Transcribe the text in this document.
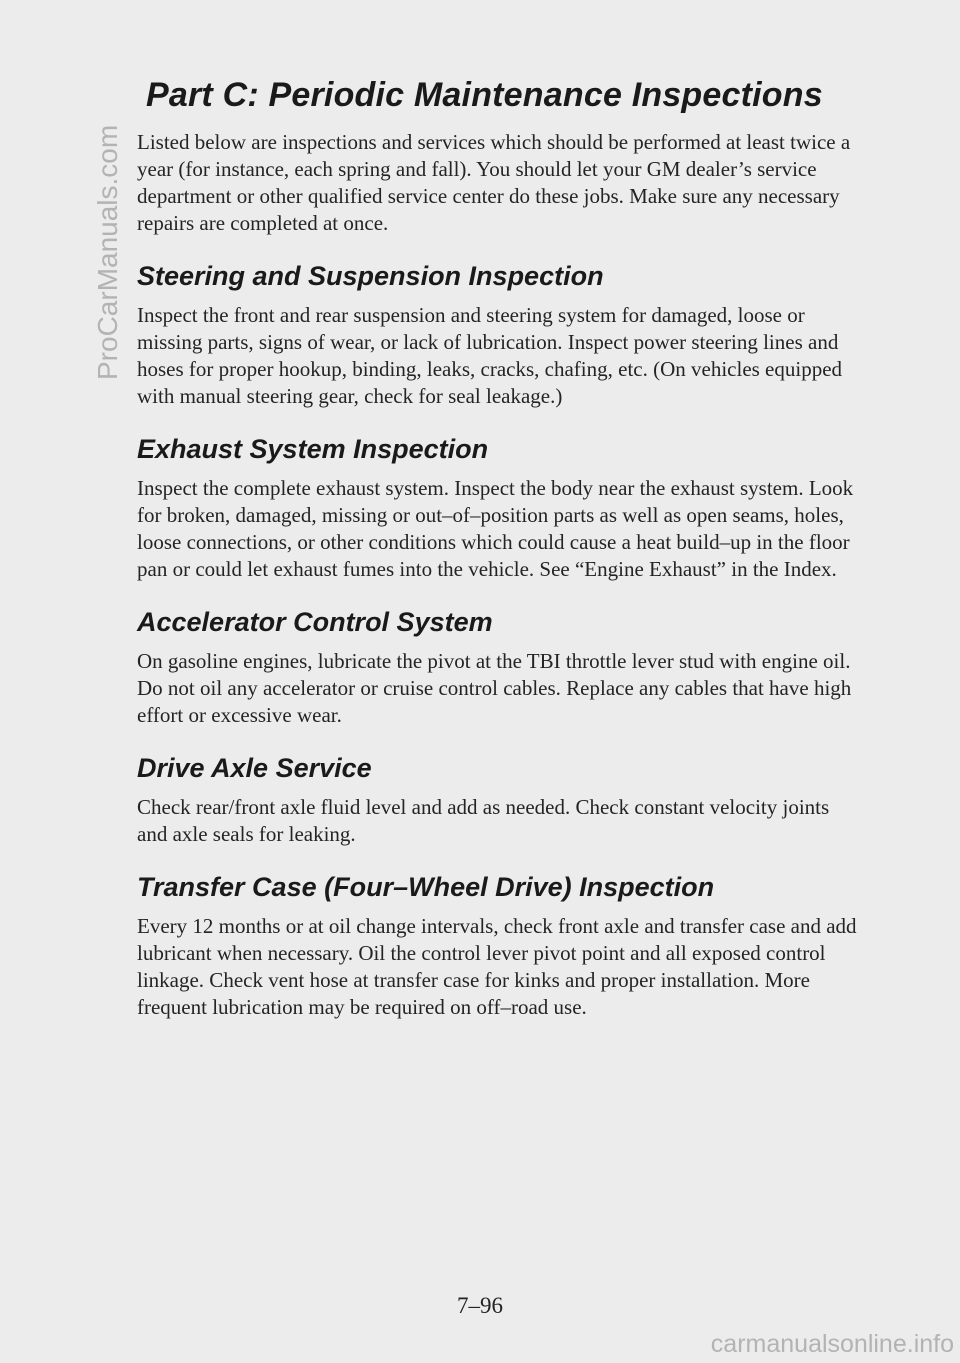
ProCarManuals.com
Part C: Periodic Maintenance Inspections

Listed below are inspections and services which should be performed at least twice a year (for instance, each spring and fall). You should let your GM dealer’s service department or other qualified service center do these jobs. Make sure any necessary repairs are completed at once.

Steering and Suspension Inspection

Inspect the front and rear suspension and steering system for damaged, loose or missing parts, signs of wear, or lack of lubrication. Inspect power steering lines and hoses for proper hookup, binding, leaks, cracks, chafing, etc. (On vehicles equipped with manual steering gear, check for seal leakage.)

Exhaust System Inspection

Inspect the complete exhaust system. Inspect the body near the exhaust system. Look for broken, damaged, missing or out–of–position parts as well as open seams, holes, loose connections, or other conditions which could cause a heat build–up in the floor pan or could let exhaust fumes into the vehicle. See “Engine Exhaust” in the Index.

Accelerator Control System

On gasoline engines, lubricate the pivot at the TBI throttle lever stud with engine oil. Do not oil any accelerator or cruise control cables. Replace any cables that have high effort or excessive wear.

Drive Axle Service

Check rear/front axle fluid level and add as needed. Check constant velocity joints and axle seals for leaking.

Transfer Case (Four–Wheel Drive) Inspection

Every 12 months or at oil change intervals, check front axle and transfer case and add lubricant when necessary. Oil the control lever pivot point and all exposed control linkage. Check vent hose at transfer case for kinks and proper installation. More frequent lubrication may be required on off–road use.

7–96
carmanualsonline.info
